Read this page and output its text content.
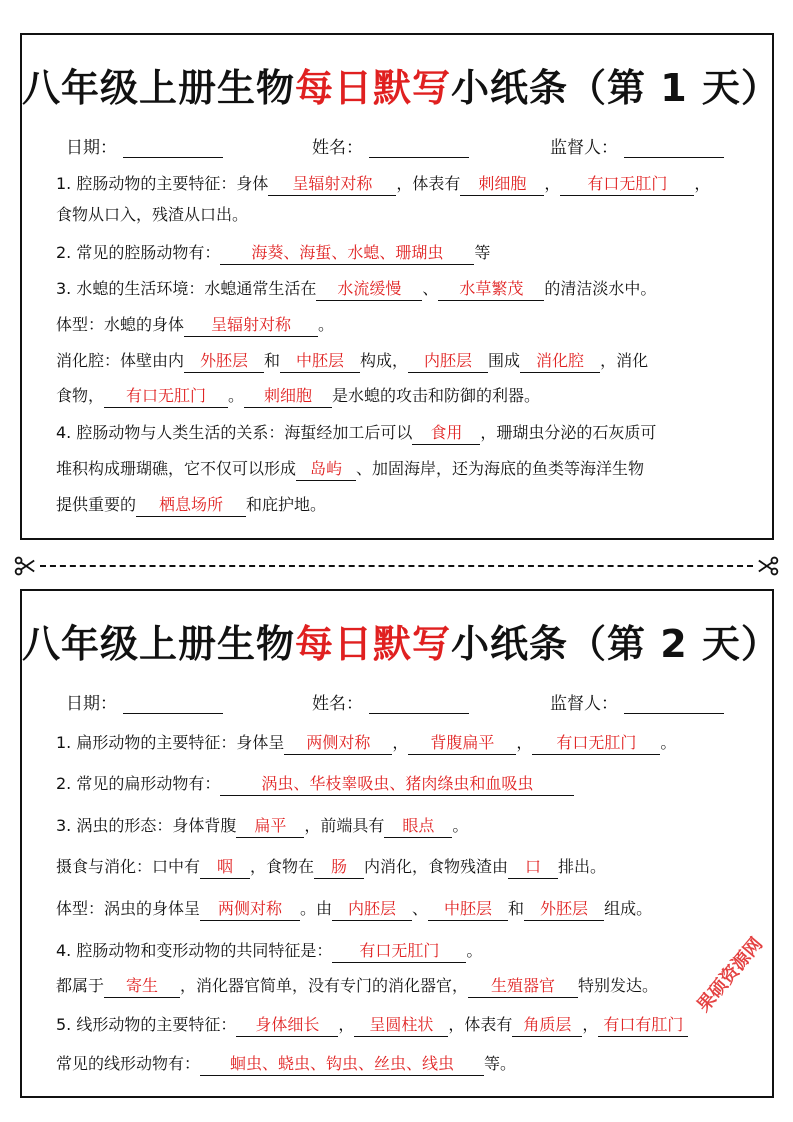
八年级上册生物每日默写小纸条（第 1 天）
日期：	姓名：	监督人：
1. 腔肠动物的主要特征：身体 呈辐射对称 ，体表有 刺细胞 ， 有口无肛门 ，
食物从口入，残渣从口出。
2. 常见的腔肠动物有： 海葵、海蜇、水螅、珊瑚虫 等
3. 水螅的生活环境：水螅通常生活在 水流缓慢 、 水草繁茂 的清洁淡水中。
体型：水螅的身体 呈辐射对称 。
消化腔：体壁由内 外胚层 和 中胚层 构成， 内胚层 围成 消化腔 ，消化
食物， 有口无肛门 。 刺细胞 是水螅的攻击和防御的利器。
4. 腔肠动物与人类生活的关系：海蜇经加工后可以 食用 ，珊瑚虫分泌的石灰质可
堆积构成珊瑚礁，它不仅可以形成 岛屿 、加固海岸，还为海底的鱼类等海洋生物
提供重要的 栖息场所 和庇护地。
八年级上册生物每日默写小纸条（第 2 天）
日期：	姓名：	监督人：
1. 扁形动物的主要特征：身体呈 两侧对称 ， 背腹扁平 ， 有口无肛门 。
2. 常见的扁形动物有：	涡虫、华枝睾吸虫、猪肉绦虫和血吸虫
3. 涡虫的形态：身体背腹 扁平 ，前端具有 眼点 。
摄食与消化：口中有 咽 ，食物在 肠 内消化，食物残渣由 口 排出。
体型：涡虫的身体呈 两侧对称 。由 内胚层 、 中胚层 和 外胚层 组成。
4. 腔肠动物和变形动物的共同特征是： 有口无肛门 。
都属于 寄生 ，消化器官简单，没有专门的消化器官， 生殖器官 特别发达。
5. 线形动物的主要特征： 身体细长 ， 呈圆柱状 ，体表有 角质层 ， 有口有肛门
常见的线形动物有： 蛔虫、蛲虫、钩虫、丝虫、线虫 等。
果硕资源网
